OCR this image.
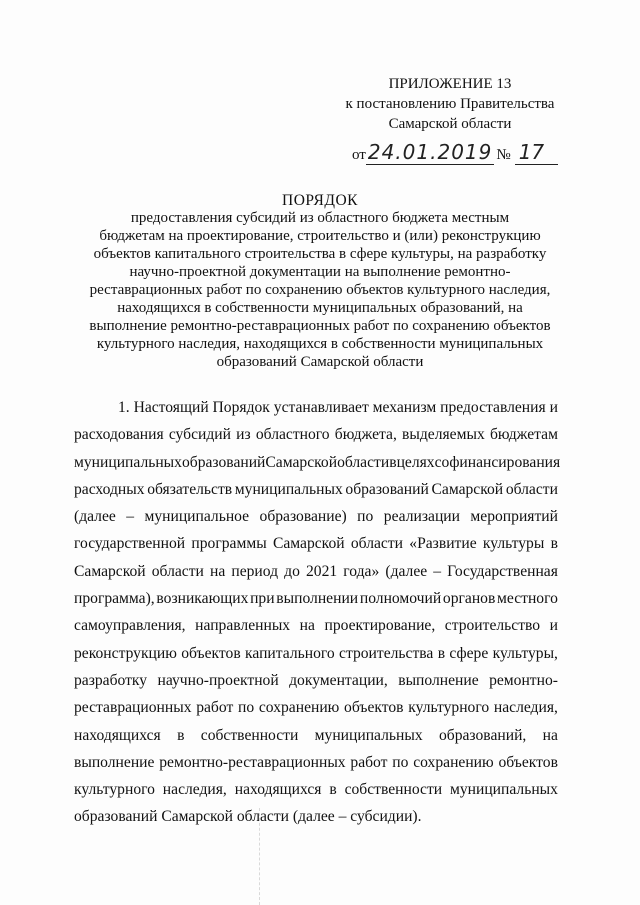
ПРИЛОЖЕНИЕ 13
к постановлению Правительства
Самарской области
от 24.01.2019 № 17
ПОРЯДОК
предоставления субсидий из областного бюджета местным
бюджетам на проектирование, строительство и (или) реконструкцию
объектов капитального строительства в сфере культуры, на разработку
научно-проектной документации на выполнение ремонтно-
реставрационных работ по сохранению объектов культурного наследия,
находящихся в собственности муниципальных образований, на
выполнение ремонтно-реставрационных работ по сохранению объектов
культурного наследия, находящихся в собственности муниципальных
образований Самарской области
1. Настоящий Порядок устанавливает механизм предоставления и
расходования субсидий из областного бюджета, выделяемых бюджетам
муниципальных образований Самарской области в целях софинансирования
расходных обязательств муниципальных образований Самарской области
(далее – муниципальное образование) по реализации мероприятий
государственной программы Самарской области «Развитие культуры в
Самарской области на период до 2021 года» (далее – Государственная
программа), возникающих при выполнении полномочий органов местного
самоуправления, направленных на проектирование, строительство и
реконструкцию объектов капитального строительства в сфере культуры,
разработку научно-проектной документации, выполнение ремонтно-
реставрационных работ по сохранению объектов культурного наследия,
находящихся в собственности муниципальных образований, на
выполнение ремонтно-реставрационных работ по сохранению объектов
культурного наследия, находящихся в собственности муниципальных
образований Самарской области (далее – субсидии).
